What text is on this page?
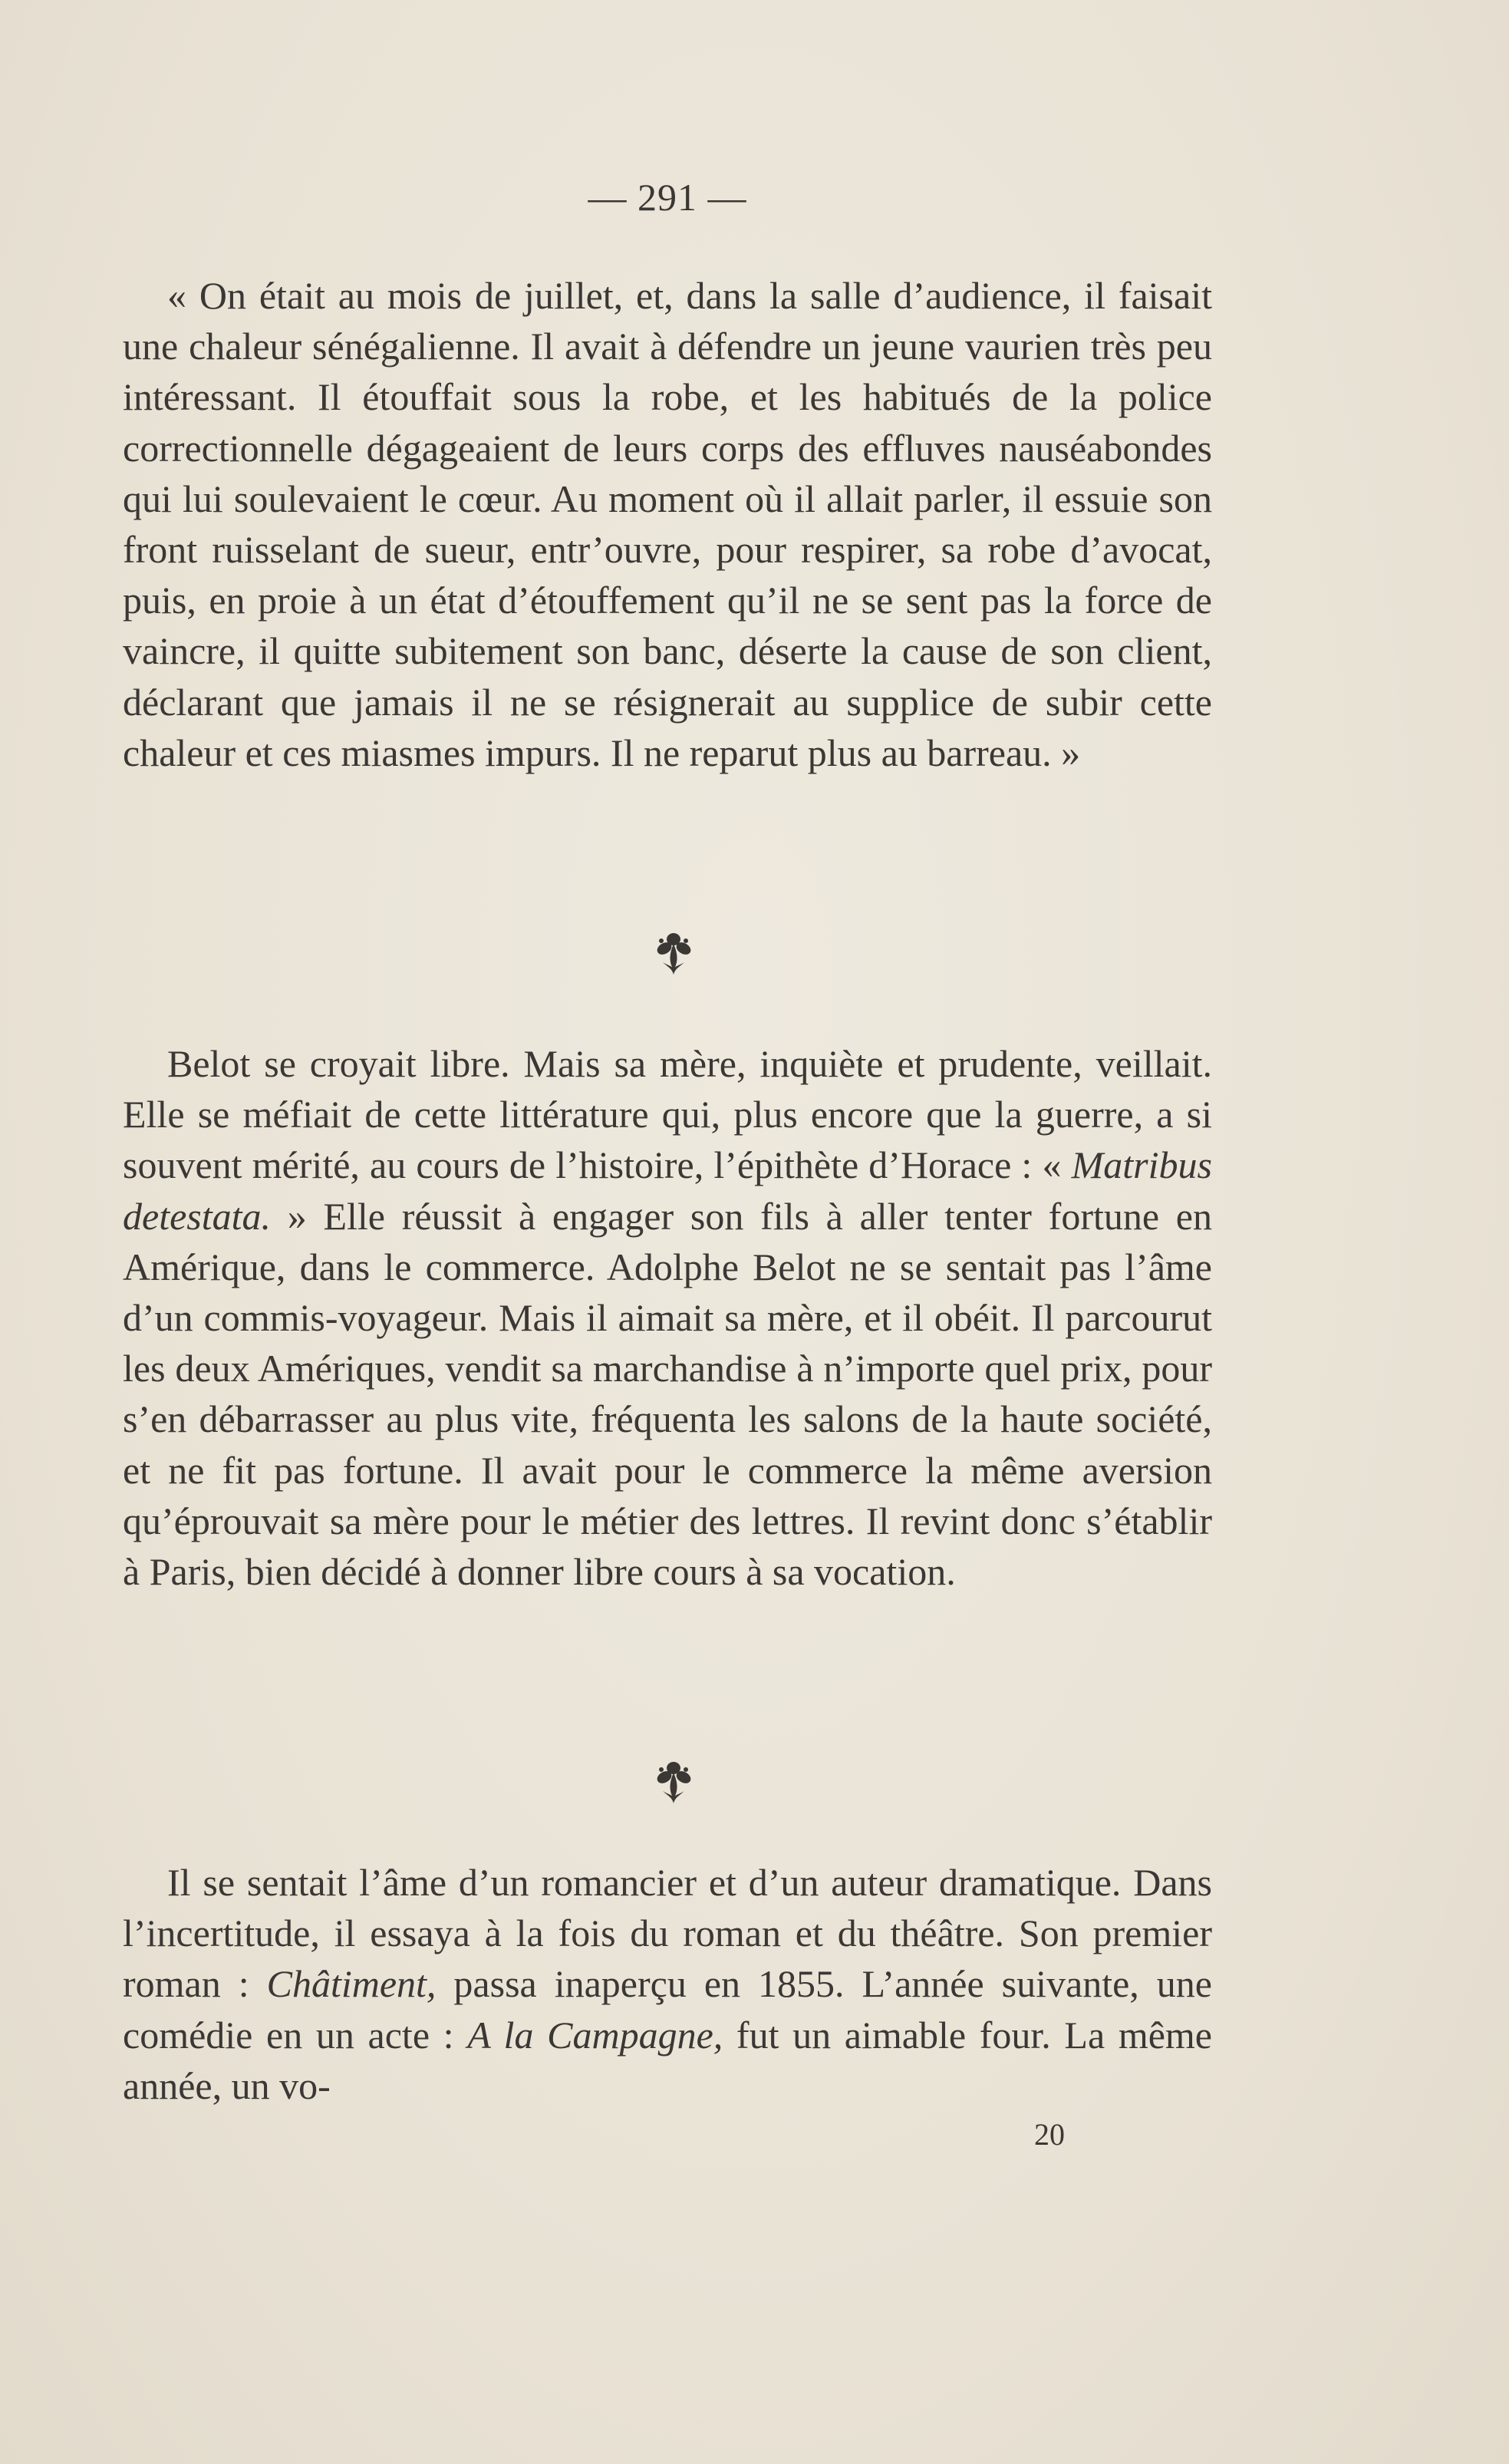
— 291 —

« On était au mois de juillet, et, dans la salle d’audience, il faisait une chaleur sénégalienne. Il avait à défendre un jeune vaurien très peu intéressant. Il étouffait sous la robe, et les habitués de la police correctionnelle dégageaient de leurs corps des effluves nauséabondes qui lui soulevaient le cœur. Au moment où il allait parler, il essuie son front ruisselant de sueur, entr’ouvre, pour respirer, sa robe d’avocat, puis, en proie à un état d’étouffement qu’il ne se sent pas la force de vaincre, il quitte subitement son banc, déserte la cause de son client, déclarant que jamais il ne se résignerait au supplice de subir cette chaleur et ces miasmes impurs. Il ne reparut plus au barreau. »

Belot se croyait libre. Mais sa mère, inquiète et prudente, veillait. Elle se méfiait de cette littérature qui, plus encore que la guerre, a si souvent mérité, au cours de l’histoire, l’épithète d’Horace : « Matribus detestata. » Elle réussit à engager son fils à aller tenter fortune en Amérique, dans le commerce. Adolphe Belot ne se sentait pas l’âme d’un commis-voyageur. Mais il aimait sa mère, et il obéit. Il parcourut les deux Amériques, vendit sa marchandise à n’importe quel prix, pour s’en débarrasser au plus vite, fréquenta les salons de la haute société, et ne fit pas fortune. Il avait pour le commerce la même aversion qu’éprouvait sa mère pour le métier des lettres. Il revint donc s’établir à Paris, bien décidé à donner libre cours à sa vocation.

Il se sentait l’âme d’un romancier et d’un auteur dramatique. Dans l’incertitude, il essaya à la fois du roman et du théâtre. Son premier roman : Châtiment, passa inaperçu en 1855. L’année suivante, une comédie en un acte : A la Campagne, fut un aimable four. La même année, un vo-

20
